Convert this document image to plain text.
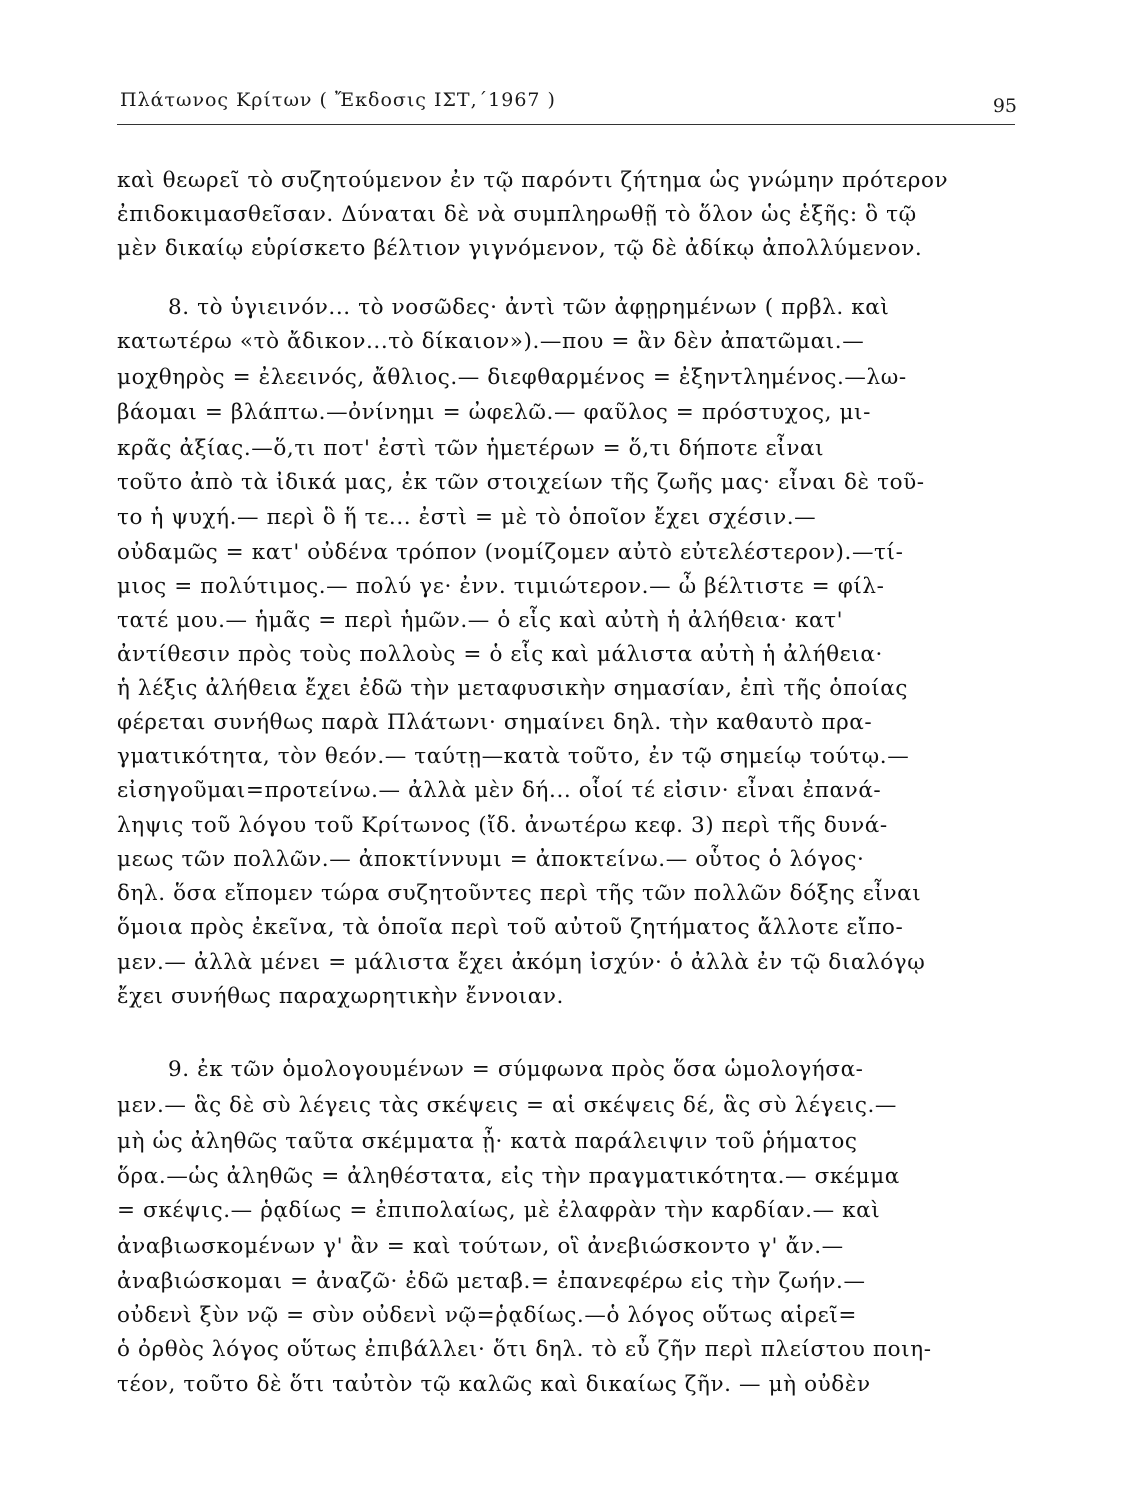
Πλάτωνος Κρίτων ( Ἔκδοσις ΙΣΤ,΄1967 )	95
καὶ θεωρεῖ τὸ συζητούμενον ἐν τῷ παρόντι ζήτημα ὡς γνώμην πρότερον
ἐπιδοκιμασθεῖσαν. Δύναται δὲ νὰ συμπληρωθῇ τὸ ὅλον ὡς ἑξῆς: ὃ τῷ
μὲν δικαίῳ εὑρίσκετο βέλτιον γιγνόμενον, τῷ δὲ ἀδίκῳ ἀπολλύμενον.
8. τὸ ὑγιεινόν... τὸ νοσῶδες· ἀντὶ τῶν ἀφῃρημένων ( πρβλ. καὶ
κατωτέρω «τὸ ἄδικον...τὸ δίκαιον»).—που = ἂν δὲν ἀπατῶμαι.—
μοχθηρὸς = ἐλεεινός, ἄθλιος.— διεφθαρμένος = ἐξηντλημένος.—λω-
βάομαι = βλάπτω.—ὀνίνημι = ὠφελῶ.— φαῦλος = πρόστυχος, μι-
κρᾶς ἀξίας.—ὅ,τι ποτ' ἐστὶ τῶν ἡμετέρων = ὅ,τι δήποτε εἶναι
τοῦτο ἀπὸ τὰ ἰδικά μας, ἐκ τῶν στοιχείων τῆς ζωῆς μας· εἶναι δὲ τοῦ-
το ἡ ψυχή.— περὶ ὃ ἥ τε... ἐστὶ = μὲ τὸ ὁποῖον ἔχει σχέσιν.—
οὐδαμῶς = κατ' οὐδένα τρόπον (νομίζομεν αὐτὸ εὐτελέστερον).—τί-
μιος = πολύτιμος.— πολύ γε· ἐνν. τιμιώτερον.— ὦ βέλτιστε = φίλ-
τατέ μου.— ἡμᾶς = περὶ ἡμῶν.— ὁ εἷς καὶ αὐτὴ ἡ ἀλήθεια· κατ'
ἀντίθεσιν πρὸς τοὺς πολλοὺς = ὁ εἷς καὶ μάλιστα αὐτὴ ἡ ἀλήθεια·
ἡ λέξις ἀλήθεια ἔχει ἐδῶ τὴν μεταφυσικὴν σημασίαν, ἐπὶ τῆς ὁποίας
φέρεται συνήθως παρὰ Πλάτωνι· σημαίνει δηλ. τὴν καθαυτὸ πρα-
γματικότητα, τὸν θεόν.— ταύτῃ—κατὰ τοῦτο, ἐν τῷ σημείῳ τούτῳ.—
εἰσηγοῦμαι=προτείνω.— ἀλλὰ μὲν δή... οἷοί τέ εἰσιν· εἶναι ἐπανά-
ληψις τοῦ λόγου τοῦ Κρίτωνος (ἴδ. ἀνωτέρω κεφ. 3) περὶ τῆς δυνά-
μεως τῶν πολλῶν.— ἀποκτίννυμι = ἀποκτείνω.— οὗτος ὁ λόγος·
δηλ. ὅσα εἴπομεν τώρα συζητοῦντες περὶ τῆς τῶν πολλῶν δόξης εἶναι
ὅμοια πρὸς ἐκεῖνα, τὰ ὁποῖα περὶ τοῦ αὐτοῦ ζητήματος ἄλλοτε εἴπο-
μεν.— ἀλλὰ μένει = μάλιστα ἔχει ἀκόμη ἰσχύν· ὁ ἀλλὰ ἐν τῷ διαλόγῳ
ἔχει συνήθως παραχωρητικὴν ἔννοιαν.
9. ἐκ τῶν ὁμολογουμένων = σύμφωνα πρὸς ὅσα ὡμολογήσα-
μεν.— ἃς δὲ σὺ λέγεις τὰς σκέψεις = αἱ σκέψεις δέ, ἃς σὺ λέγεις.—
μὴ ὡς ἀληθῶς ταῦτα σκέμματα ᾖ· κατὰ παράλειψιν τοῦ ῥήματος
ὅρα.—ὡς ἀληθῶς = ἀληθέστατα, εἰς τὴν πραγματικότητα.— σκέμμα
= σκέψις.— ῥᾳδίως = ἐπιπολαίως, μὲ ἐλαφρὰν τὴν καρδίαν.— καὶ
ἀναβιωσκομένων γ' ἂν = καὶ τούτων, οἳ ἀνεβιώσκοντο γ' ἄν.—
ἀναβιώσκομαι = ἀναζῶ· ἐδῶ μεταβ.= ἐπανεφέρω εἰς τὴν ζωήν.—
οὐδενὶ ξὺν νῷ = σὺν οὐδενὶ νῷ=ῥᾳδίως.—ὁ λόγος οὕτως αἱρεῖ=
ὁ ὀρθὸς λόγος οὕτως ἐπιβάλλει· ὅτι δηλ. τὸ εὖ ζῆν περὶ πλείστου ποιη-
τέον, τοῦτο δὲ ὅτι ταὐτὸν τῷ καλῶς καὶ δικαίως ζῆν. — μὴ οὐδὲν
